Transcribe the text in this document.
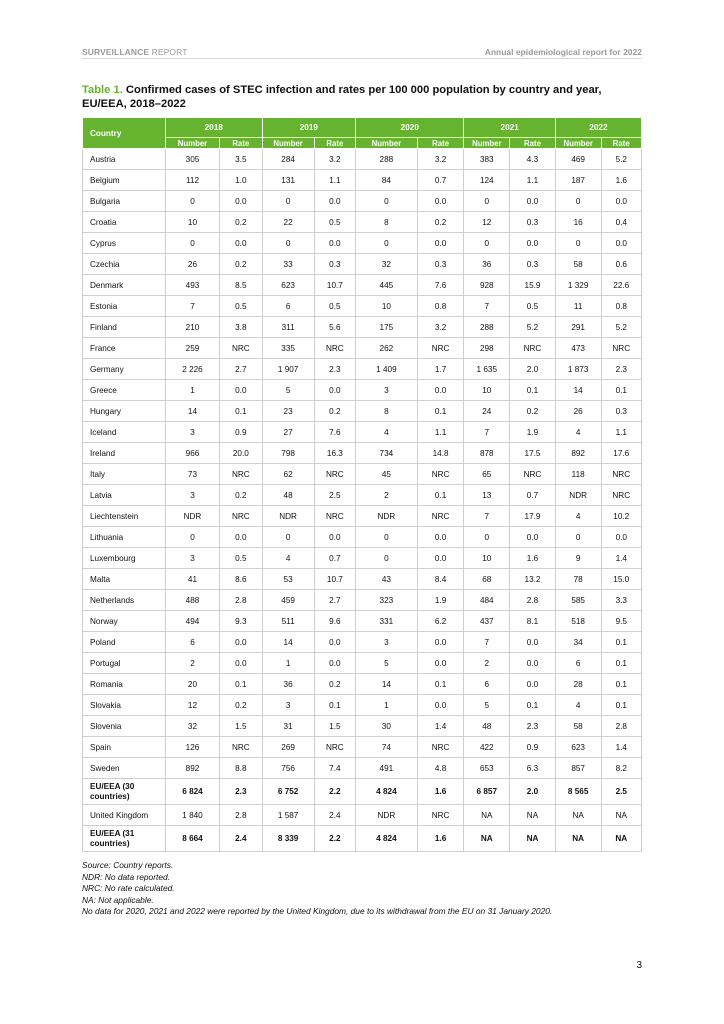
SURVEILLANCE REPORT	Annual epidemiological report for 2022
Table 1. Confirmed cases of STEC infection and rates per 100 000 population by country and year, EU/EEA, 2018–2022
Country	2018		2019		2020		2021		2022	
	Number	Rate	Number	Rate	Number	Rate	Number	Rate	Number	Rate
Austria	305	3.5	284	3.2	288	3.2	383	4.3	469	5.2
Belgium	112	1.0	131	1.1	84	0.7	124	1.1	187	1.6
Bulgaria	0	0.0	0	0.0	0	0.0	0	0.0	0	0.0
Croatia	10	0.2	22	0.5	8	0.2	12	0.3	16	0.4
Cyprus	0	0.0	0	0.0	0	0.0	0	0.0	0	0.0
Czechia	26	0.2	33	0.3	32	0.3	36	0.3	58	0.6
Denmark	493	8.5	623	10.7	445	7.6	928	15.9	1 329	22.6
Estonia	7	0.5	6	0.5	10	0.8	7	0.5	11	0.8
Finland	210	3.8	311	5.6	175	3.2	288	5.2	291	5.2
France	259	NRC	335	NRC	262	NRC	298	NRC	473	NRC
Germany	2 226	2.7	1 907	2.3	1 409	1.7	1 635	2.0	1 873	2.3
Greece	1	0.0	5	0.0	3	0.0	10	0.1	14	0.1
Hungary	14	0.1	23	0.2	8	0.1	24	0.2	26	0.3
Iceland	3	0.9	27	7.6	4	1.1	7	1.9	4	1.1
Ireland	966	20.0	798	16.3	734	14.8	878	17.5	892	17.6
Italy	73	NRC	62	NRC	45	NRC	65	NRC	118	NRC
Latvia	3	0.2	48	2.5	2	0.1	13	0.7	NDR	NRC
Liechtenstein	NDR	NRC	NDR	NRC	NDR	NRC	7	17.9	4	10.2
Lithuania	0	0.0	0	0.0	0	0.0	0	0.0	0	0.0
Luxembourg	3	0.5	4	0.7	0	0.0	10	1.6	9	1.4
Malta	41	8.6	53	10.7	43	8.4	68	13.2	78	15.0
Netherlands	488	2.8	459	2.7	323	1.9	484	2.8	585	3.3
Norway	494	9.3	511	9.6	331	6.2	437	8.1	518	9.5
Poland	6	0.0	14	0.0	3	0.0	7	0.0	34	0.1
Portugal	2	0.0	1	0.0	5	0.0	2	0.0	6	0.1
Romania	20	0.1	36	0.2	14	0.1	6	0.0	28	0.1
Slovakia	12	0.2	3	0.1	1	0.0	5	0.1	4	0.1
Slovenia	32	1.5	31	1.5	30	1.4	48	2.3	58	2.8
Spain	126	NRC	269	NRC	74	NRC	422	0.9	623	1.4
Sweden	892	8.8	756	7.4	491	4.8	653	6.3	857	8.2
EU/EEA (30
countries)	6 824	2.3	6 752	2.2	4 824	1.6	6 857	2.0	8 565	2.5
United Kingdom	1 840	2.8	1 587	2.4	NDR	NRC	NA	NA	NA	NA
EU/EEA (31
countries)	8 664	2.4	8 339	2.2	4 824	1.6	NA	NA	NA	NA
Source: Country reports.
NDR: No data reported.
NRC: No rate calculated.
NA: Not applicable.
No data for 2020, 2021 and 2022 were reported by the United Kingdom, due to its withdrawal from the EU on 31 January 2020.
3
